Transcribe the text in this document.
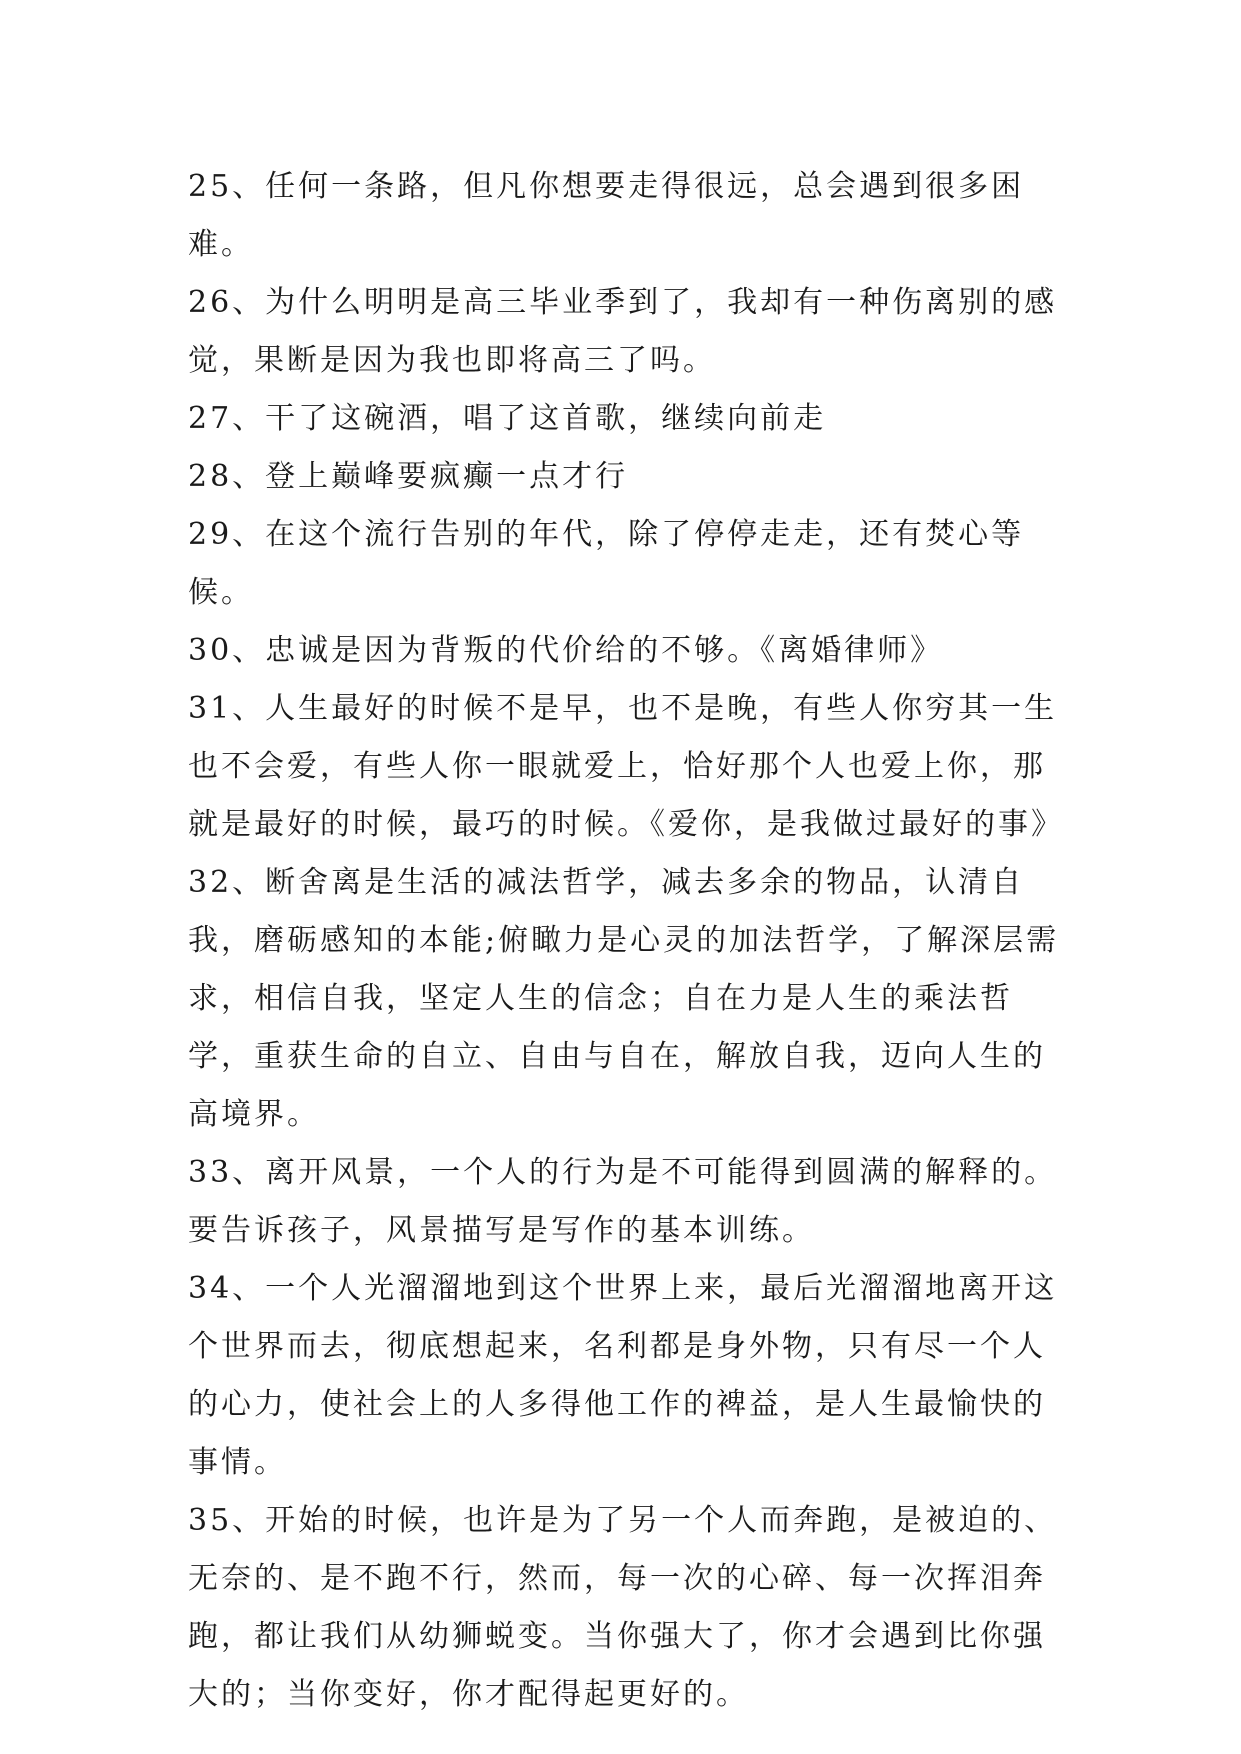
25、任何一条路，但凡你想要走得很远，总会遇到很多困难。

26、为什么明明是高三毕业季到了，我却有一种伤离别的感觉，果断是因为我也即将高三了吗。

27、干了这碗酒，唱了这首歌，继续向前走

28、登上巅峰要疯癫一点才行

29、在这个流行告别的年代，除了停停走走，还有焚心等候。

30、忠诚是因为背叛的代价给的不够。《离婚律师》

31、人生最好的时候不是早，也不是晚，有些人你穷其一生也不会爱，有些人你一眼就爱上，恰好那个人也爱上你，那就是最好的时候，最巧的时候。《爱你，是我做过最好的事》

32、断舍离是生活的减法哲学，减去多余的物品，认清自我，磨砺感知的本能;俯瞰力是心灵的加法哲学，了解深层需求，相信自我，坚定人生的信念；自在力是人生的乘法哲学，重获生命的自立、自由与自在，解放自我，迈向人生的高境界。

33、离开风景，一个人的行为是不可能得到圆满的解释的。要告诉孩子，风景描写是写作的基本训练。

34、一个人光溜溜地到这个世界上来，最后光溜溜地离开这个世界而去，彻底想起来，名利都是身外物，只有尽一个人的心力，使社会上的人多得他工作的裨益，是人生最愉快的事情。

35、开始的时候，也许是为了另一个人而奔跑，是被迫的、无奈的、是不跑不行，然而，每一次的心碎、每一次挥泪奔跑，都让我们从幼狮蜕变。当你强大了，你才会遇到比你强大的；当你变好，你才配得起更好的。
